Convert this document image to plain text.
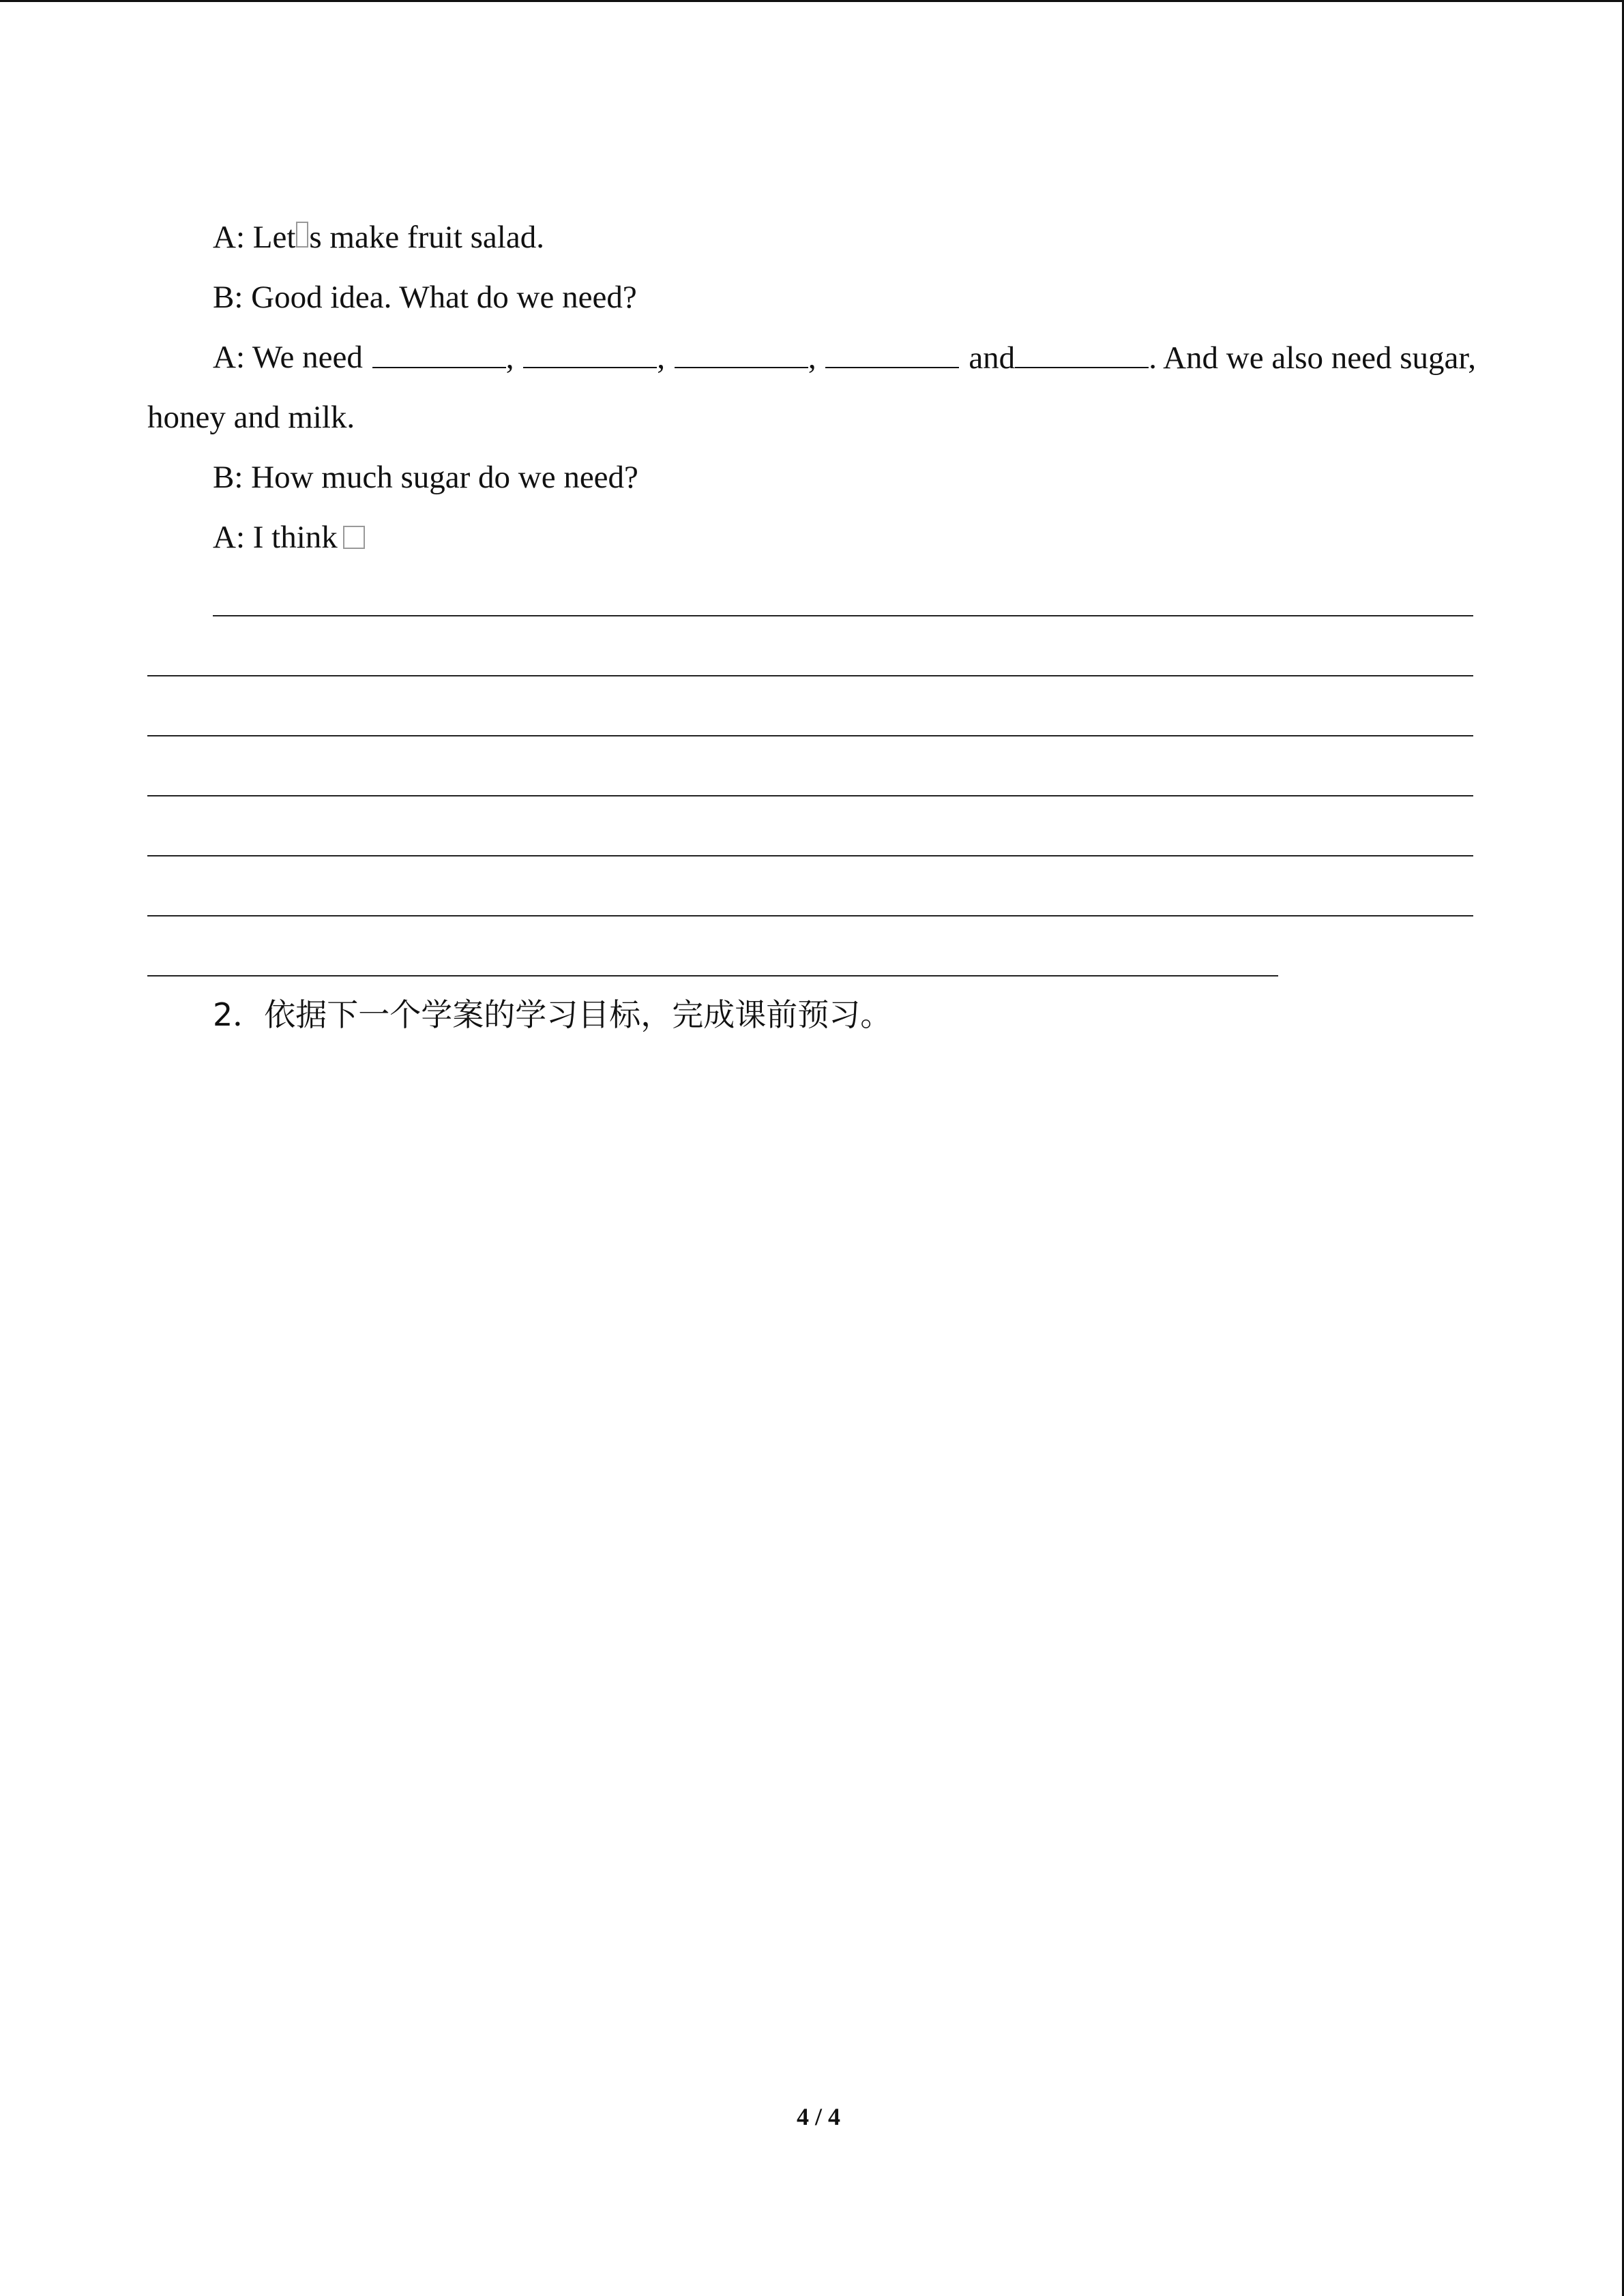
A: Let s make fruit salad.
B: Good idea. What do we need?
A: We need	,	,	,	and	. And we also need sugar,
honey and milk.
B: How much sugar do we need?
A: I think
2．依据下一个学案的学习目标，完成课前预习。
4 / 4
